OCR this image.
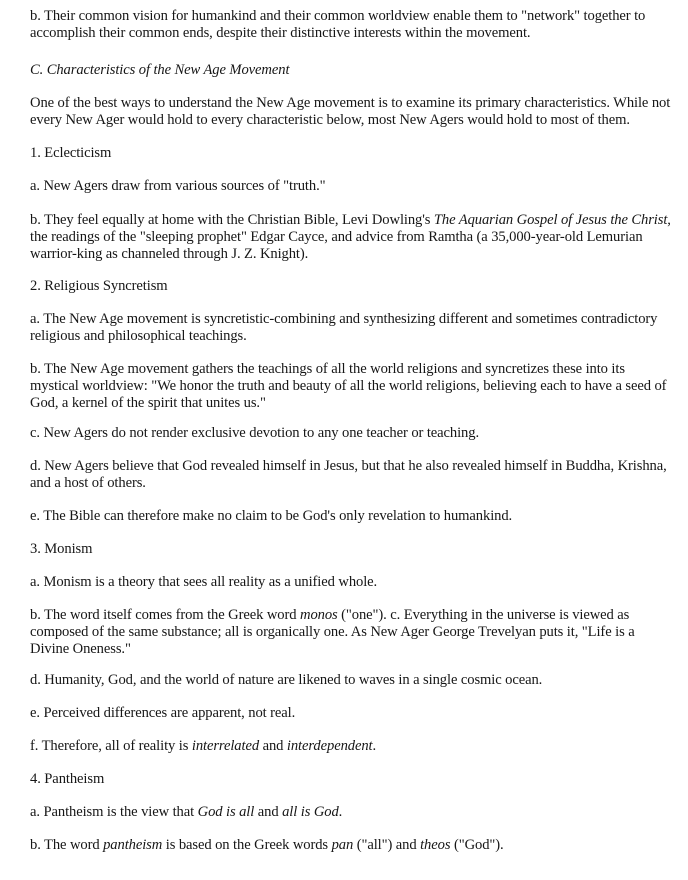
b. Their common vision for humankind and their common worldview enable them to "network" together to accomplish their common ends, despite their distinctive interests within the movement.

C. Characteristics of the New Age Movement

One of the best ways to understand the New Age movement is to examine its primary characteristics. While not every New Ager would hold to every characteristic below, most New Agers would hold to most of them.

1. Eclecticism

a. New Agers draw from various sources of "truth."

b. They feel equally at home with the Christian Bible, Levi Dowling's The Aquarian Gospel of Jesus the Christ, the readings of the "sleeping prophet" Edgar Cayce, and advice from Ramtha (a 35,000-year-old Lemurian warrior-king as channeled through J. Z. Knight).

2. Religious Syncretism

a. The New Age movement is syncretistic-combining and synthesizing different and sometimes contradictory religious and philosophical teachings.

b. The New Age movement gathers the teachings of all the world religions and syncretizes these into its mystical worldview: "We honor the truth and beauty of all the world religions, believing each to have a seed of God, a kernel of the spirit that unites us."

c. New Agers do not render exclusive devotion to any one teacher or teaching.

d. New Agers believe that God revealed himself in Jesus, but that he also revealed himself in Buddha, Krishna, and a host of others.

e. The Bible can therefore make no claim to be God's only revelation to humankind.

3. Monism

a. Monism is a theory that sees all reality as a unified whole.

b. The word itself comes from the Greek word monos ("one"). c. Everything in the universe is viewed as composed of the same substance; all is organically one. As New Ager George Trevelyan puts it, "Life is a Divine Oneness."

d. Humanity, God, and the world of nature are likened to waves in a single cosmic ocean.

e. Perceived differences are apparent, not real.

f. Therefore, all of reality is interrelated and interdependent.

4. Pantheism

a. Pantheism is the view that God is all and all is God.

b. The word pantheism is based on the Greek words pan ("all") and theos ("God").
